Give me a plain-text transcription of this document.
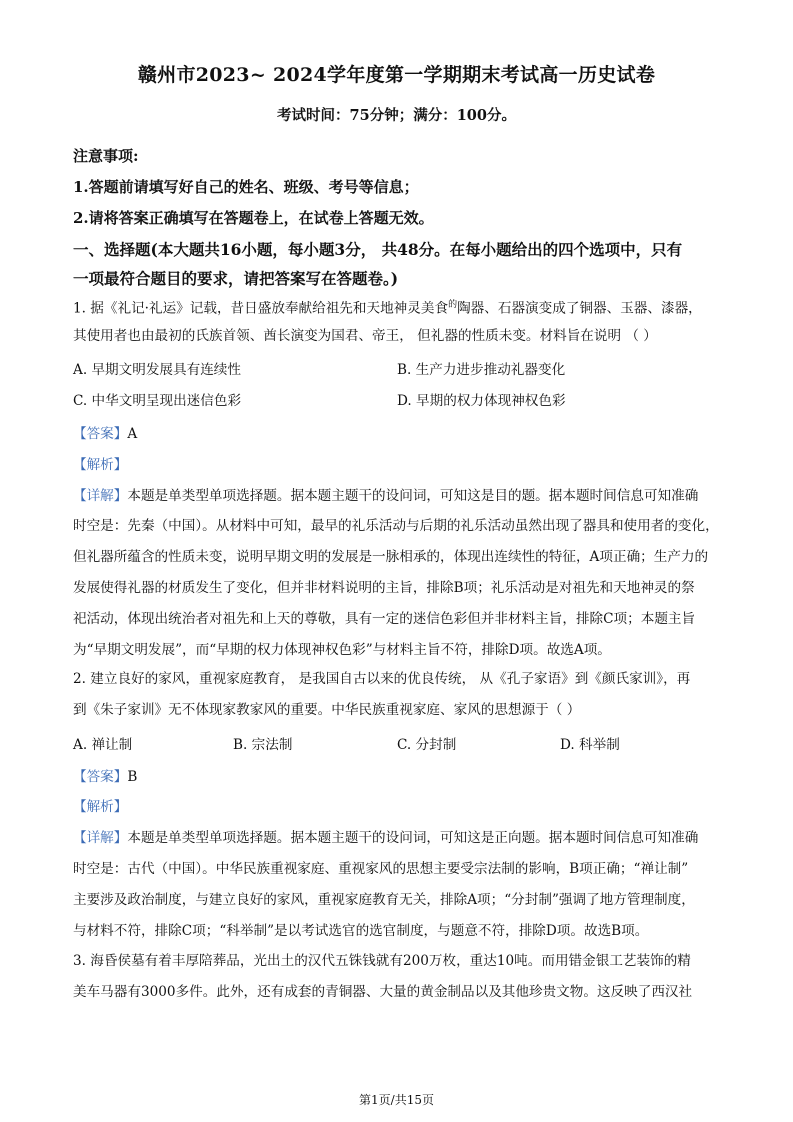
赣州市2023~ 2024学年度第一学期期末考试高一历史试卷
考试时间：75分钟；满分：100分。
注意事项:
1.答题前请填写好自己的姓名、班级、考号等信息；
2.请将答案正确填写在答题卷上，在试卷上答题无效。
一、选择题(本大题共16小题，每小题3分， 共48分。在每小题给出的四个选项中，只有
一项最符合题目的要求，请把答案写在答题卷。)
1. 据《礼记·礼运》记载，昔日盛放奉献给祖先和天地神灵美食$^的$陶器、石器演变成了铜器、玉器、漆器，
其使用者也由最初的氏族首领、酋长演变为国君、帝王， 但礼器的性质未变。材料旨在说明 （ ）
A. 早期文明发展具有连续性	B. 生产力进步推动礼器变化
C. 中华文明呈现出迷信色彩	D. 早期的权力体现神权色彩
【答案】A
【解析】
【详解】本题是单类型单项选择题。据本题主题干的设问词，可知这是目的题。据本题时间信息可知准确
时空是：先秦（中国）。从材料中可知，最早的礼乐活动与后期的礼乐活动虽然出现了器具和使用者的变化，
但礼器所蕴含的性质未变，说明早期文明的发展是一脉相承的，体现出连续性的特征，A项正确；生产力的
发展使得礼器的材质发生了变化，但并非材料说明的主旨，排除B项；礼乐活动是对祖先和天地神灵的祭
祀活动，体现出统治者对祖先和上天的尊敬，具有一定的迷信色彩但并非材料主旨，排除C项；本题主旨
为“早期文明发展”，而“早期的权力体现神权色彩”与材料主旨不符，排除D项。故选A项。
2. 建立良好的家风，重视家庭教育， 是我国自古以来的优良传统， 从《孔子家语》到《颜氏家训》，再
到《朱子家训》无不体现家教家风的重要。中华民族重视家庭、家风的思想源于（ ）
A. 禅让制	B. 宗法制	C. 分封制	D. 科举制
【答案】B
【解析】
【详解】本题是单类型单项选择题。据本题主题干的设问词，可知这是正向题。据本题时间信息可知准确
时空是：古代（中国）。中华民族重视家庭、重视家风的思想主要受宗法制的影响，B项正确；“禅让制”
主要涉及政治制度，与建立良好的家风，重视家庭教育无关，排除A项；“分封制”强调了地方管理制度，
与材料不符，排除C项；“科举制”是以考试选官的选官制度，与题意不符，排除D项。故选B项。
3. 海昏侯墓有着丰厚陪葬品，光出土的汉代五铢钱就有200万枚，重达10吨。而用错金银工艺装饰的精
美车马器有3000多件。此外，还有成套的青铜器、大量的黄金制品以及其他珍贵文物。这反映了西汉社
第1页/共15页
